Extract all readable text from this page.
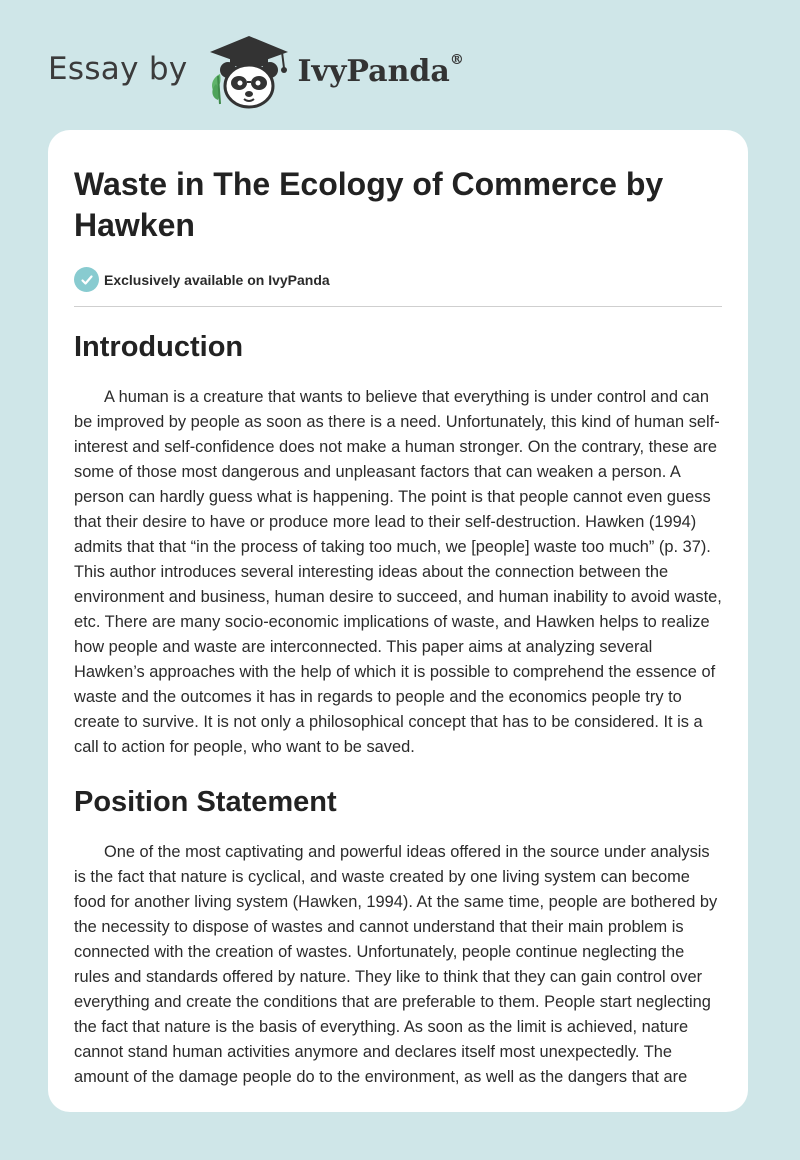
Essay by	IvyPanda®
Waste in The Ecology of Commerce by Hawken
Exclusively available on IvyPanda
Introduction

A human is a creature that wants to believe that everything is under control and can be improved by people as soon as there is a need. Unfortunately, this kind of human self-interest and self-confidence does not make a human stronger. On the contrary, these are some of those most dangerous and unpleasant factors that can weaken a person. A person can hardly guess what is happening. The point is that people cannot even guess that their desire to have or produce more lead to their self-destruction. Hawken (1994) admits that that “in the process of taking too much, we [people] waste too much” (p. 37). This author introduces several interesting ideas about the connection between the environment and business, human desire to succeed, and human inability to avoid waste, etc. There are many socio-economic implications of waste, and Hawken helps to realize how people and waste are interconnected. This paper aims at analyzing several Hawken’s approaches with the help of which it is possible to comprehend the essence of waste and the outcomes it has in regards to people and the economics people try to create to survive. It is not only a philosophical concept that has to be considered. It is a call to action for people, who want to be saved.

Position Statement

One of the most captivating and powerful ideas offered in the source under analysis is the fact that nature is cyclical, and waste created by one living system can become food for another living system (Hawken, 1994). At the same time, people are bothered by the necessity to dispose of wastes and cannot understand that their main problem is connected with the creation of wastes. Unfortunately, people continue neglecting the rules and standards offered by nature. They like to think that they can gain control over everything and create the conditions that are preferable to them. People start neglecting the fact that nature is the basis of everything. As soon as the limit is achieved, nature cannot stand human activities anymore and declares itself most unexpectedly. The amount of the damage people do to the environment, as well as the dangers that are
